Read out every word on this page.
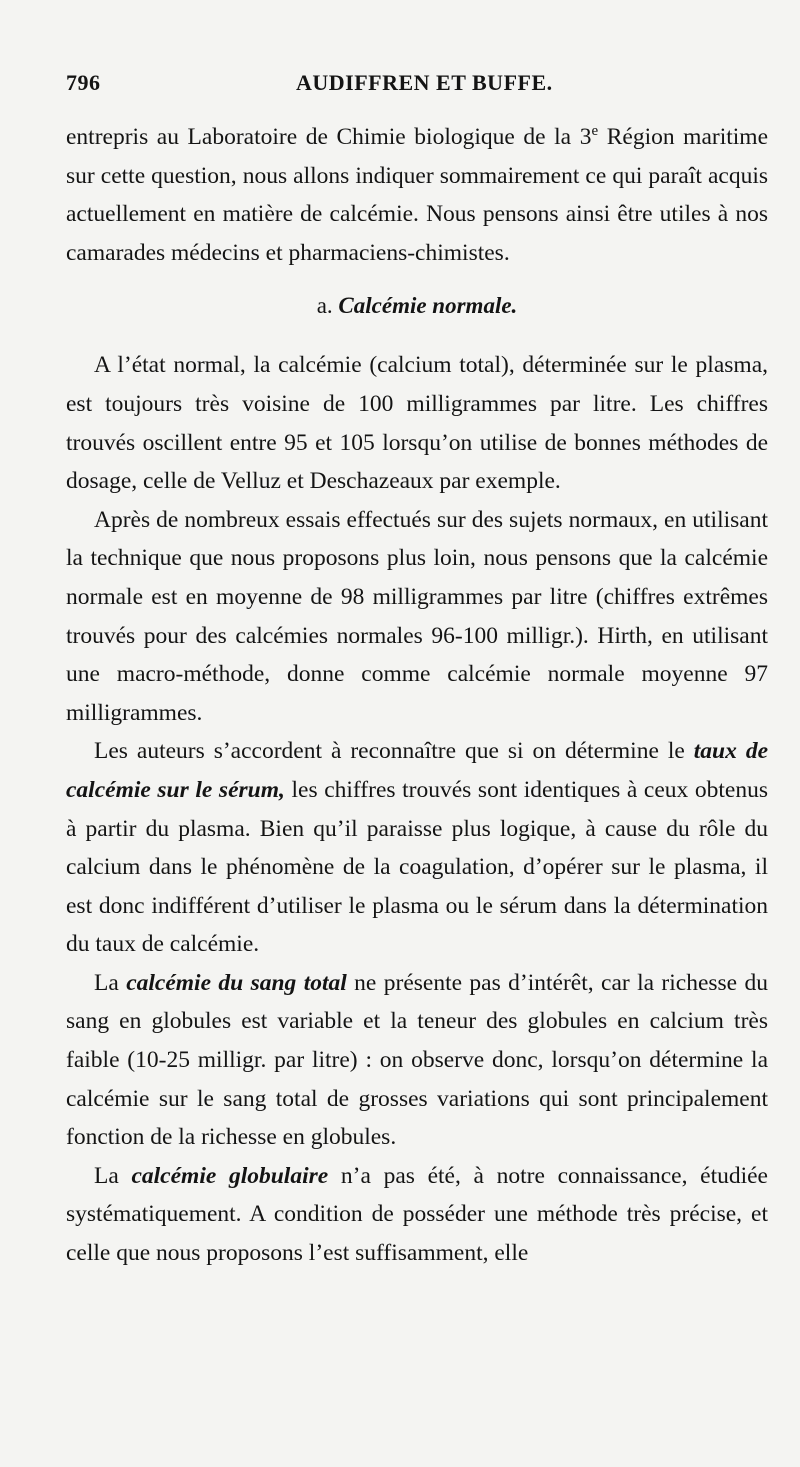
796	AUDIFFREN ET BUFFE.

entrepris au Laboratoire de Chimie biologique de la 3e Région maritime sur cette question, nous allons indiquer sommairement ce qui paraît acquis actuellement en matière de calcémie. Nous pensons ainsi être utiles à nos camarades médecins et pharmaciens-chimistes.

a. Calcémie normale.

A l’état normal, la calcémie (calcium total), déterminée sur le plasma, est toujours très voisine de 100 milligrammes par litre. Les chiffres trouvés oscillent entre 95 et 105 lorsqu’on utilise de bonnes méthodes de dosage, celle de Velluz et Deschazeaux par exemple.

Après de nombreux essais effectués sur des sujets normaux, en utilisant la technique que nous proposons plus loin, nous pensons que la calcémie normale est en moyenne de 98 milligrammes par litre (chiffres extrêmes trouvés pour des calcémies normales 96-100 milligr.). Hirth, en utilisant une macro-méthode, donne comme calcémie normale moyenne 97 milligrammes.

Les auteurs s’accordent à reconnaître que si on détermine le taux de calcémie sur le sérum, les chiffres trouvés sont identiques à ceux obtenus à partir du plasma. Bien qu’il paraisse plus logique, à cause du rôle du calcium dans le phénomène de la coagulation, d’opérer sur le plasma, il est donc indifférent d’utiliser le plasma ou le sérum dans la détermination du taux de calcémie.

La calcémie du sang total ne présente pas d’intérêt, car la richesse du sang en globules est variable et la teneur des globules en calcium très faible (10-25 milligr. par litre) : on observe donc, lorsqu’on détermine la calcémie sur le sang total de grosses variations qui sont principalement fonction de la richesse en globules.

La calcémie globulaire n’a pas été, à notre connaissance, étudiée systématiquement. A condition de posséder une méthode très précise, et celle que nous proposons l’est suffisamment, elle
